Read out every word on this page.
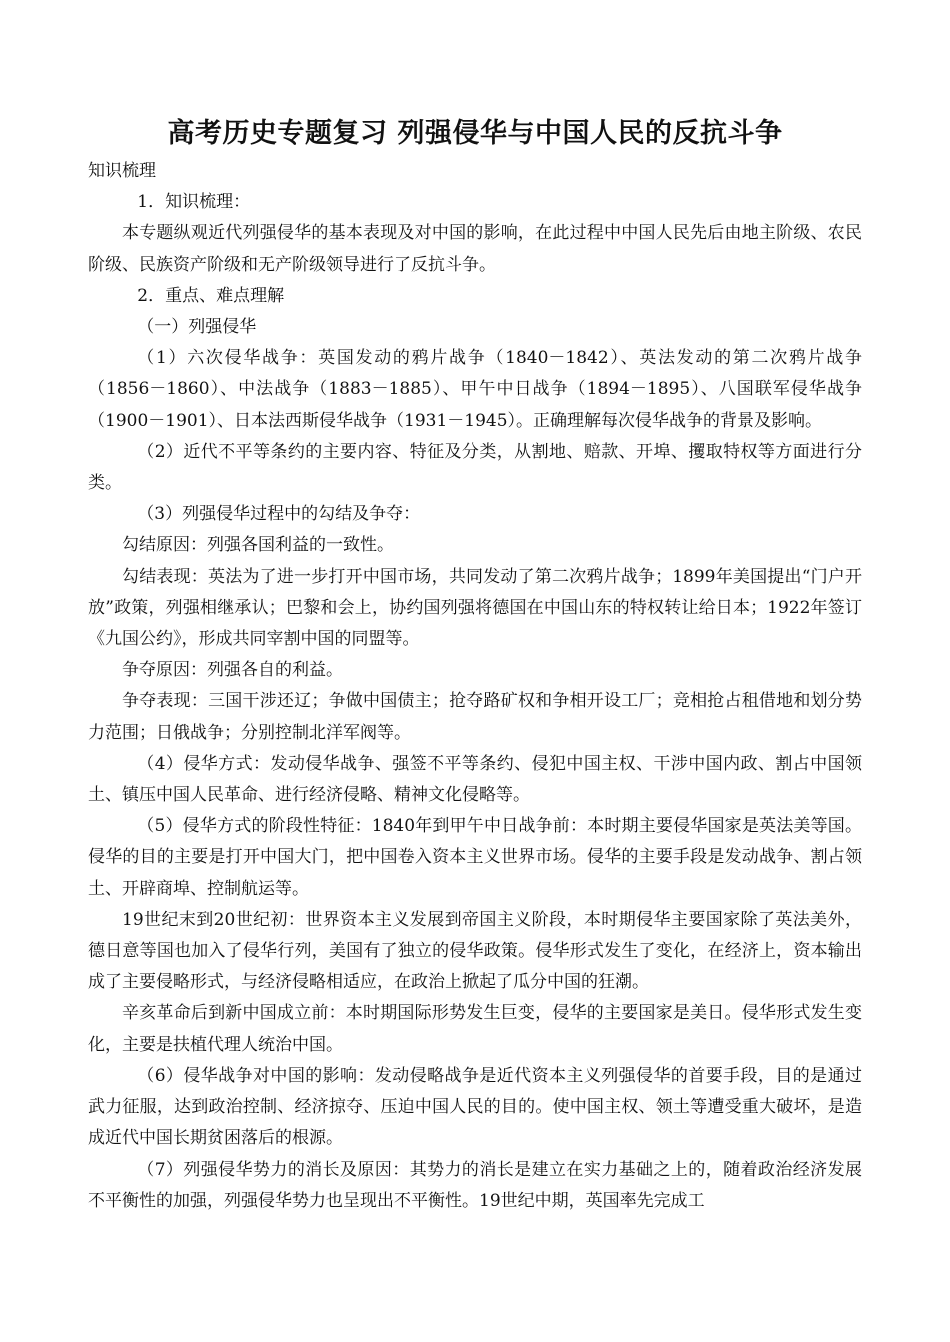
高考历史专题复习 列强侵华与中国人民的反抗斗争

知识梳理

1．知识梳理：

本专题纵观近代列强侵华的基本表现及对中国的影响，在此过程中中国人民先后由地主阶级、农民阶级、民族资产阶级和无产阶级领导进行了反抗斗争。

2．重点、难点理解

（一）列强侵华

（1）六次侵华战争：英国发动的鸦片战争（1840－1842）、英法发动的第二次鸦片战争（1856－1860）、中法战争（1883－1885）、甲午中日战争（1894－1895）、八国联军侵华战争（1900－1901）、日本法西斯侵华战争（1931－1945）。正确理解每次侵华战争的背景及影响。

（2）近代不平等条约的主要内容、特征及分类，从割地、赔款、开埠、攫取特权等方面进行分类。

（3）列强侵华过程中的勾结及争夺：

勾结原因：列强各国利益的一致性。

勾结表现：英法为了进一步打开中国市场，共同发动了第二次鸦片战争；1899年美国提出“门户开放”政策，列强相继承认；巴黎和会上，协约国列强将德国在中国山东的特权转让给日本；1922年签订《九国公约》，形成共同宰割中国的同盟等。

争夺原因：列强各自的利益。

争夺表现：三国干涉还辽；争做中国债主；抢夺路矿权和争相开设工厂；竞相抢占租借地和划分势力范围；日俄战争；分别控制北洋军阀等。

（4）侵华方式：发动侵华战争、强签不平等条约、侵犯中国主权、干涉中国内政、割占中国领土、镇压中国人民革命、进行经济侵略、精神文化侵略等。

（5）侵华方式的阶段性特征：1840年到甲午中日战争前：本时期主要侵华国家是英法美等国。侵华的目的主要是打开中国大门，把中国卷入资本主义世界市场。侵华的主要手段是发动战争、割占领土、开辟商埠、控制航运等。

19世纪末到20世纪初：世界资本主义发展到帝国主义阶段，本时期侵华主要国家除了英法美外，德日意等国也加入了侵华行列，美国有了独立的侵华政策。侵华形式发生了变化，在经济上，资本输出成了主要侵略形式，与经济侵略相适应，在政治上掀起了瓜分中国的狂潮。

辛亥革命后到新中国成立前：本时期国际形势发生巨变，侵华的主要国家是美日。侵华形式发生变化，主要是扶植代理人统治中国。

（6）侵华战争对中国的影响：发动侵略战争是近代资本主义列强侵华的首要手段，目的是通过武力征服，达到政治控制、经济掠夺、压迫中国人民的目的。使中国主权、领土等遭受重大破坏，是造成近代中国长期贫困落后的根源。

（7）列强侵华势力的消长及原因：其势力的消长是建立在实力基础之上的，随着政治经济发展不平衡性的加强，列强侵华势力也呈现出不平衡性。19世纪中期，英国率先完成工
